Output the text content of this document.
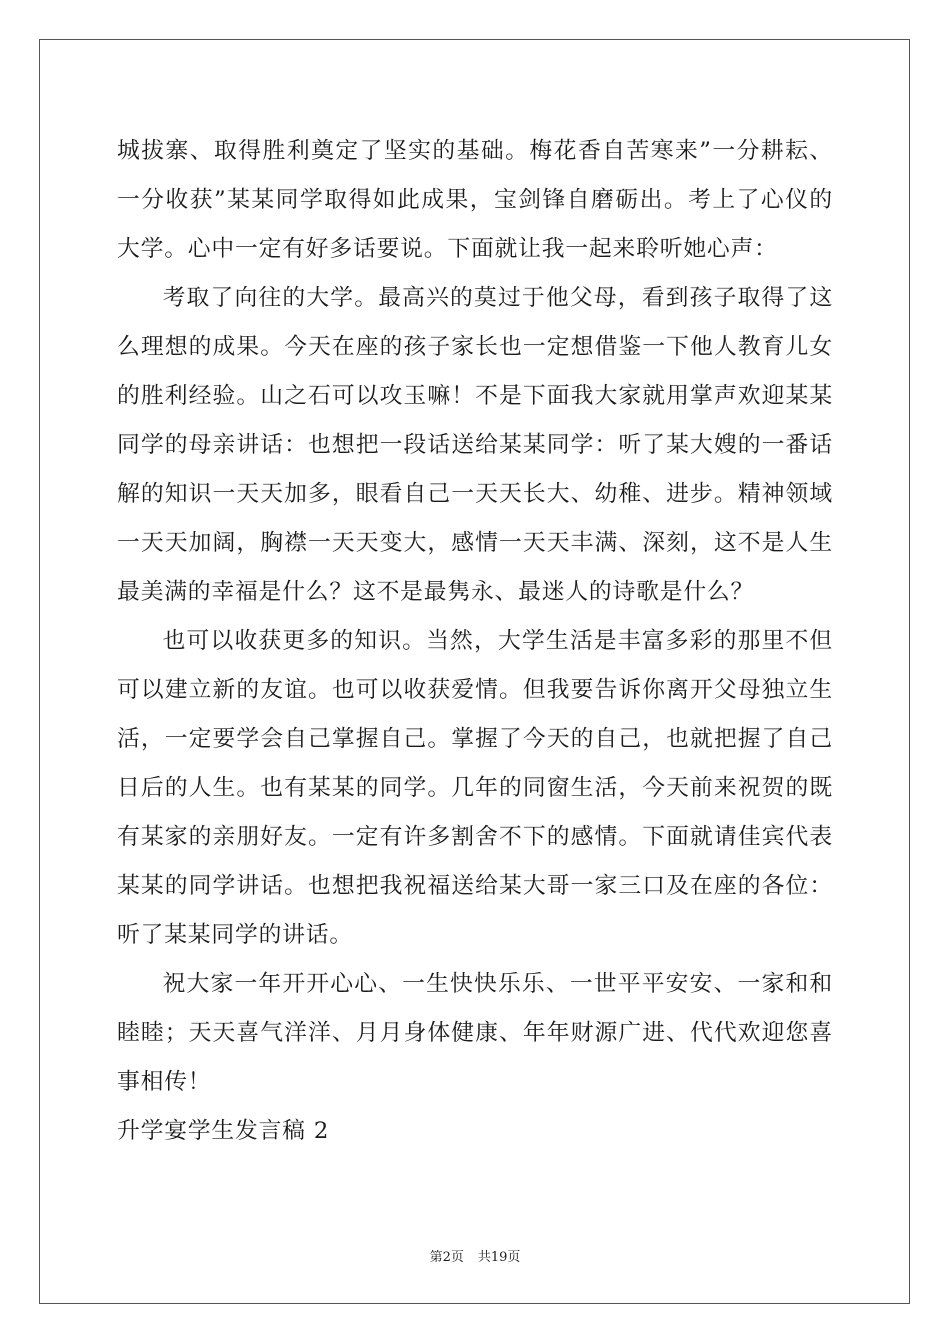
城拔寨、取得胜利奠定了坚实的基础。梅花香自苦寒来”一分耕耘、一分收获”某某同学取得如此成果，宝剑锋自磨砺出。考上了心仪的大学。心中一定有好多话要说。下面就让我一起来聆听她心声：

考取了向往的大学。最高兴的莫过于他父母，看到孩子取得了这么理想的成果。今天在座的孩子家长也一定想借鉴一下他人教育儿女的胜利经验。山之石可以攻玉嘛！不是下面我大家就用掌声欢迎某某同学的母亲讲话：也想把一段话送给某某同学：听了某大嫂的一番话解的知识一天天加多，眼看自己一天天长大、幼稚、进步。精神领域一天天加阔，胸襟一天天变大，感情一天天丰满、深刻，这不是人生最美满的幸福是什么？这不是最隽永、最迷人的诗歌是什么？

也可以收获更多的知识。当然，大学生活是丰富多彩的那里不但可以建立新的友谊。也可以收获爱情。但我要告诉你离开父母独立生活，一定要学会自己掌握自己。掌握了今天的自己，也就把握了自己日后的人生。也有某某的同学。几年的同窗生活，今天前来祝贺的既有某家的亲朋好友。一定有许多割舍不下的感情。下面就请佳宾代表某某的同学讲话。也想把我祝福送给某大哥一家三口及在座的各位：听了某某同学的讲话。

祝大家一年开开心心、一生快快乐乐、一世平平安安、一家和和睦睦；天天喜气洋洋、月月身体健康、年年财源广进、代代欢迎您喜事相传！

升学宴学生发言稿 2

第2页 共19页
